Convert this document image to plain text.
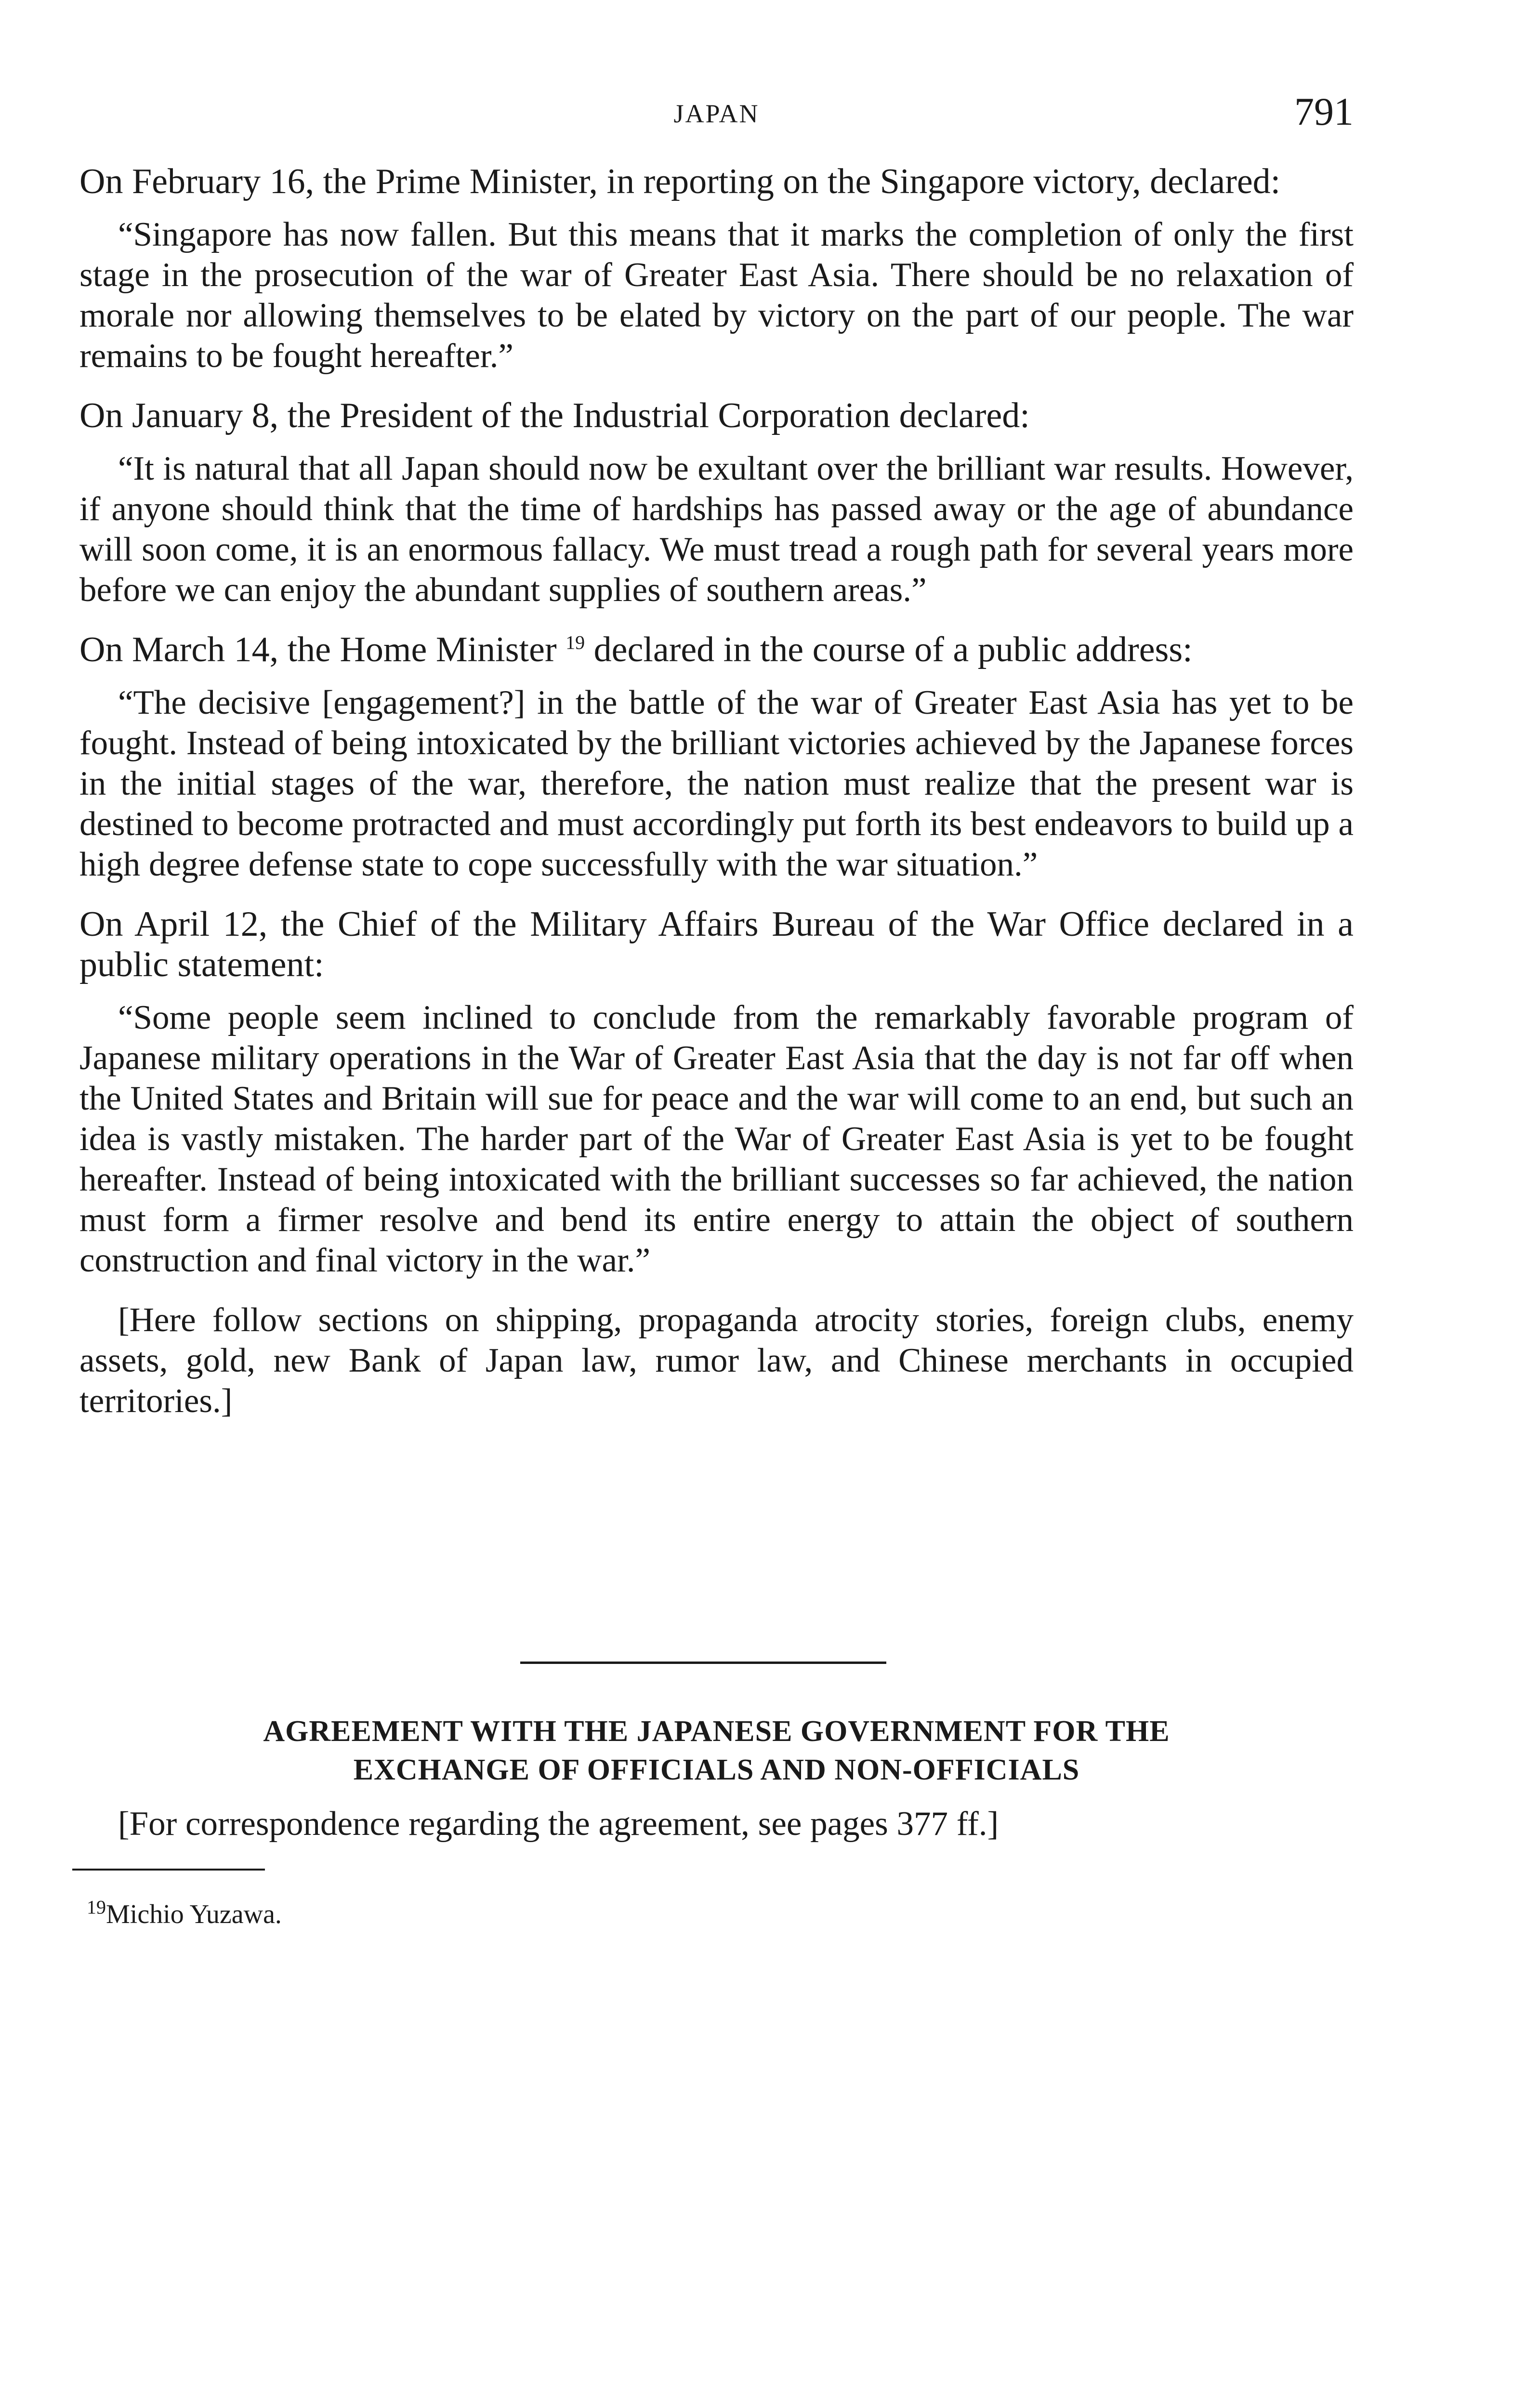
JAPAN	791

On February 16, the Prime Minister, in reporting on the Singapore victory, declared:

“Singapore has now fallen. But this means that it marks the completion of only the first stage in the prosecution of the war of Greater East Asia. There should be no relaxation of morale nor allowing themselves to be elated by victory on the part of our people. The war remains to be fought hereafter.”

On January 8, the President of the Industrial Corporation declared:

“It is natural that all Japan should now be exultant over the brilliant war results. However, if anyone should think that the time of hardships has passed away or the age of abundance will soon come, it is an enormous fallacy. We must tread a rough path for several years more before we can enjoy the abundant supplies of southern areas.”

On March 14, the Home Minister $^{19}$ declared in the course of a public address:

“The decisive [engagement?] in the battle of the war of Greater East Asia has yet to be fought. Instead of being intoxicated by the brilliant victories achieved by the Japanese forces in the initial stages of the war, therefore, the nation must realize that the present war is destined to become protracted and must accordingly put forth its best endeavors to build up a high degree defense state to cope successfully with the war situation.”

On April 12, the Chief of the Military Affairs Bureau of the War Office declared in a public statement:

“Some people seem inclined to conclude from the remarkably favorable program of Japanese military operations in the War of Greater East Asia that the day is not far off when the United States and Britain will sue for peace and the war will come to an end, but such an idea is vastly mistaken. The harder part of the War of Greater East Asia is yet to be fought hereafter. Instead of being intoxicated with the brilliant successes so far achieved, the nation must form a firmer resolve and bend its entire energy to attain the object of southern construction and final victory in the war.”

[Here follow sections on shipping, propaganda atrocity stories, foreign clubs, enemy assets, gold, new Bank of Japan law, rumor law, and Chinese merchants in occupied territories.]

AGREEMENT WITH THE JAPANESE GOVERNMENT FOR THE
EXCHANGE OF OFFICIALS AND NON-OFFICIALS
[For correspondence regarding the agreement, see pages 377 ff.]
$^{19}$Michio Yuzawa.
